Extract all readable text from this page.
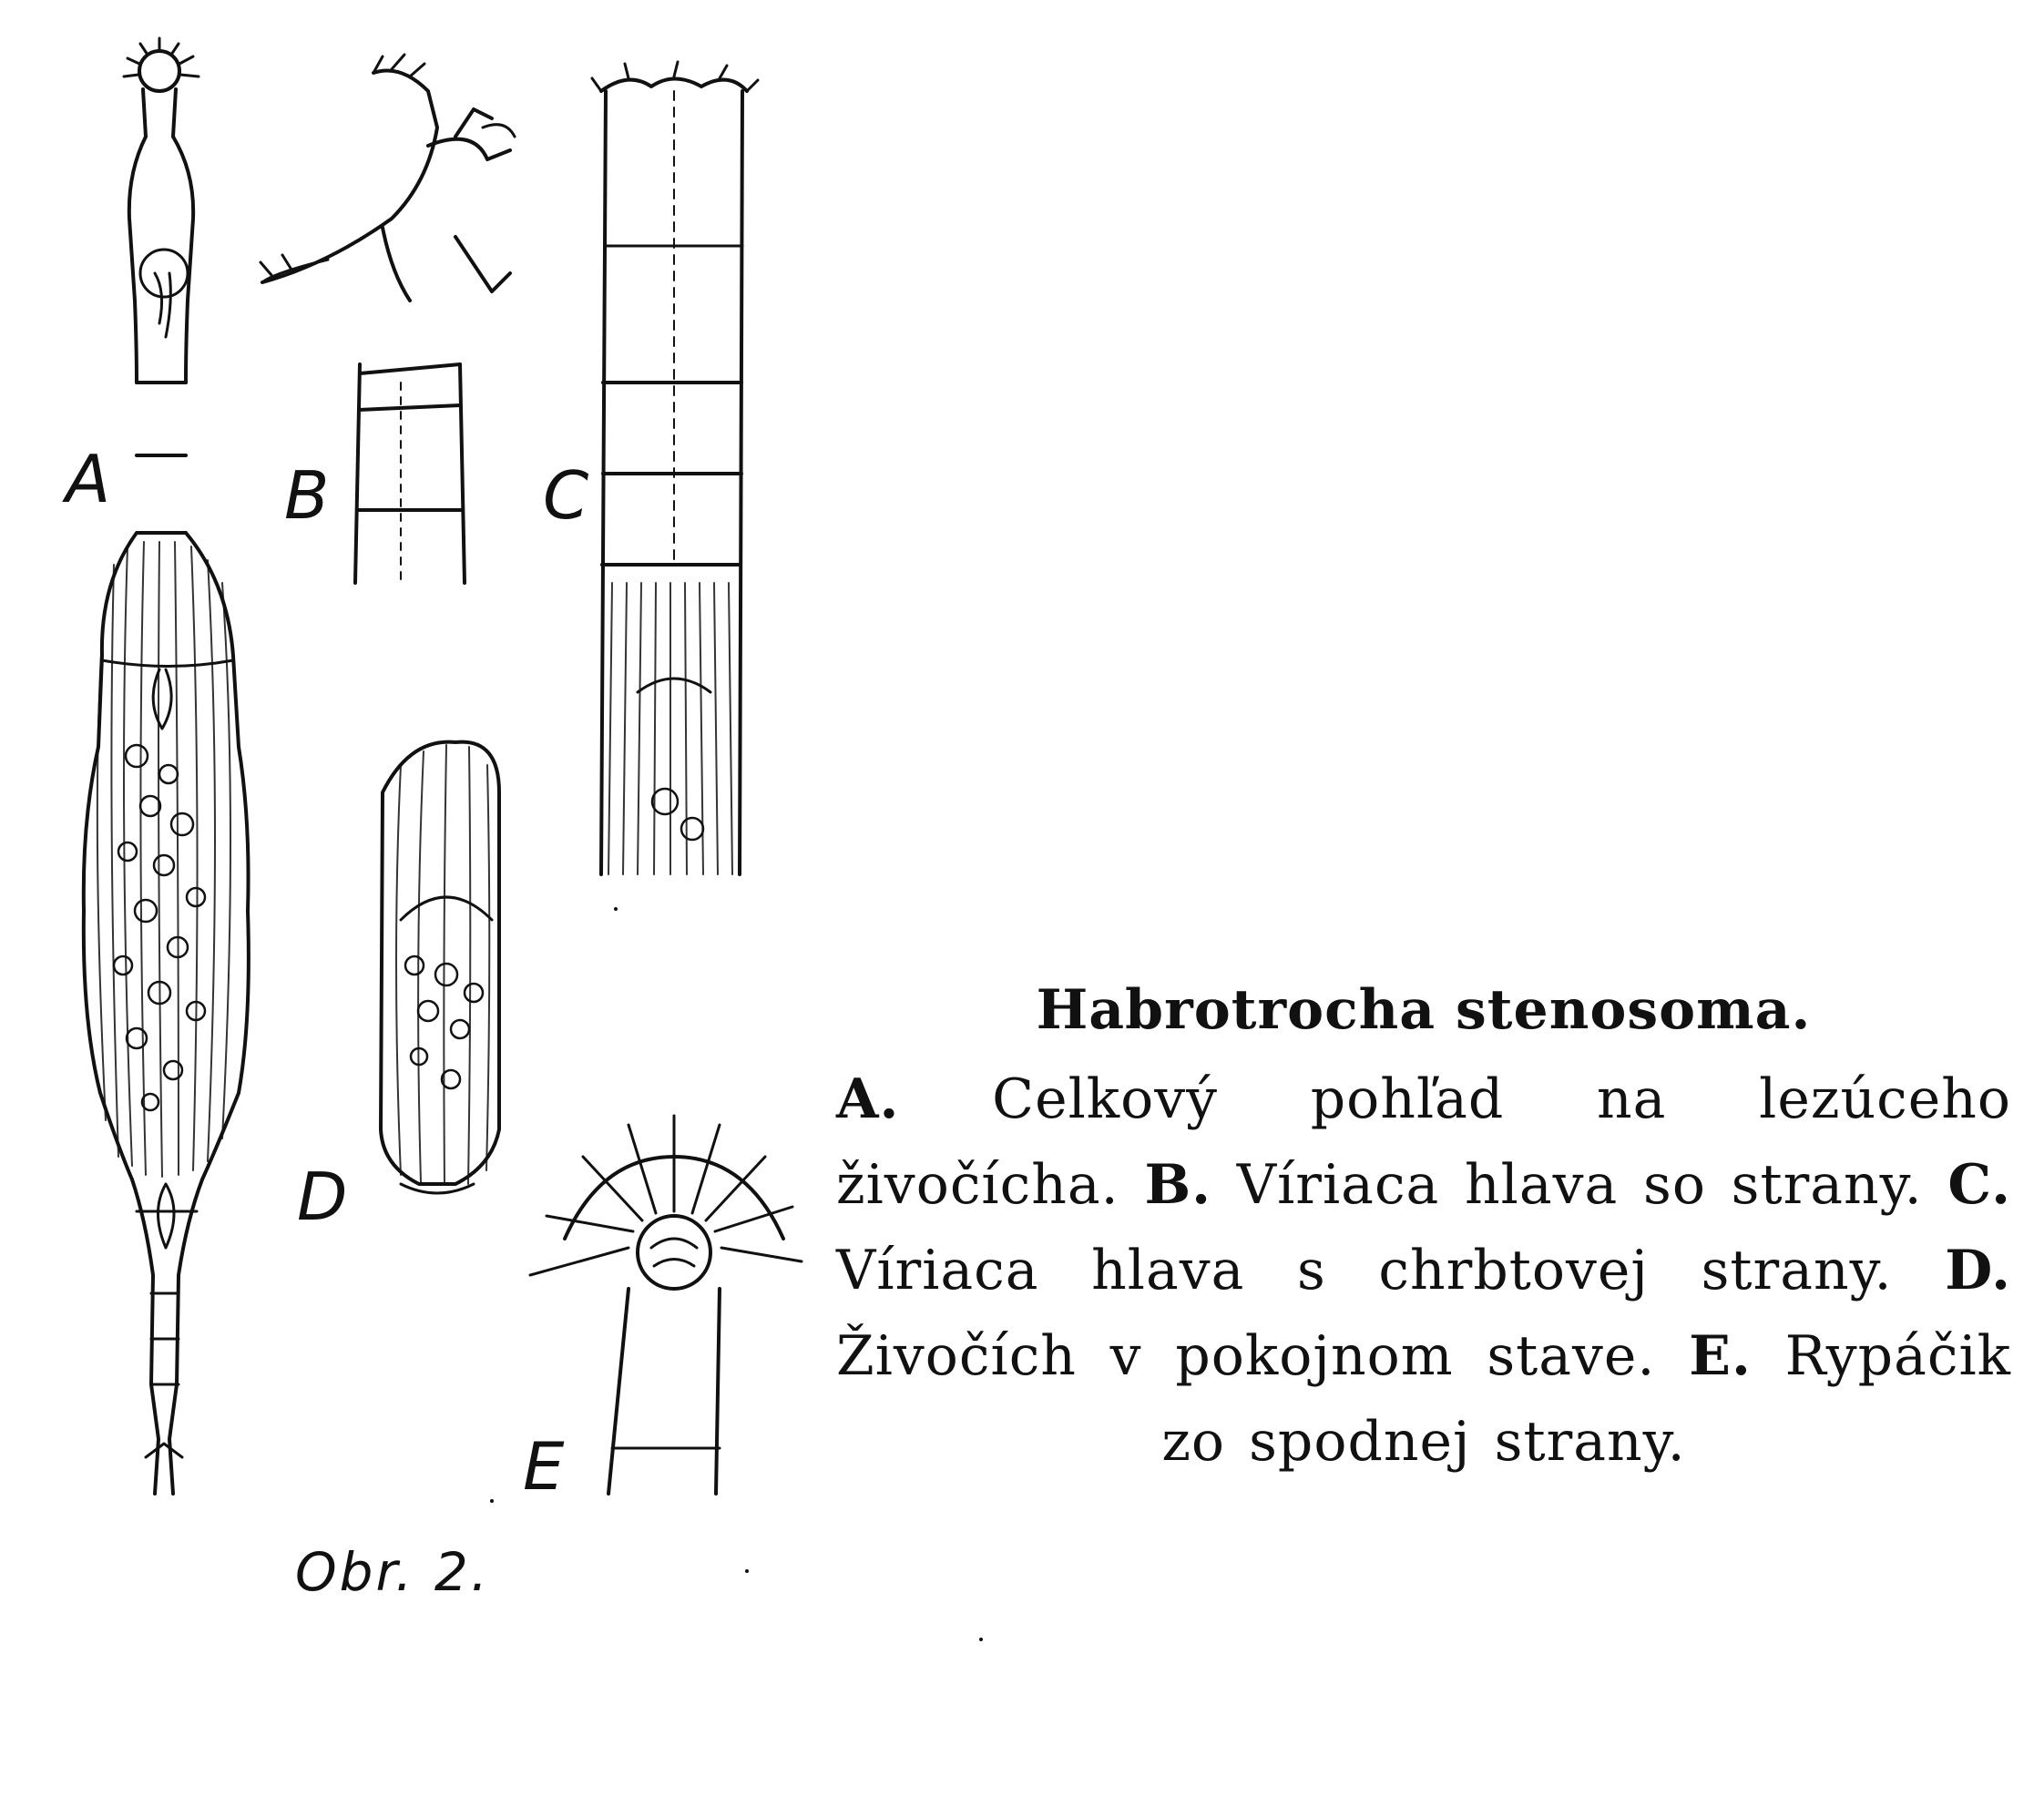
A	B	C
D
E
Obr. 2.
Habrotrocha stenosoma.
A. Celkový pohľad na lezúceho živočícha. B. Víriaca hlava so strany. C. Víriaca hlava s chrbtovej strany. D. Živočích v pokojnom stave. E. Rypáčik zo spodnej strany.
